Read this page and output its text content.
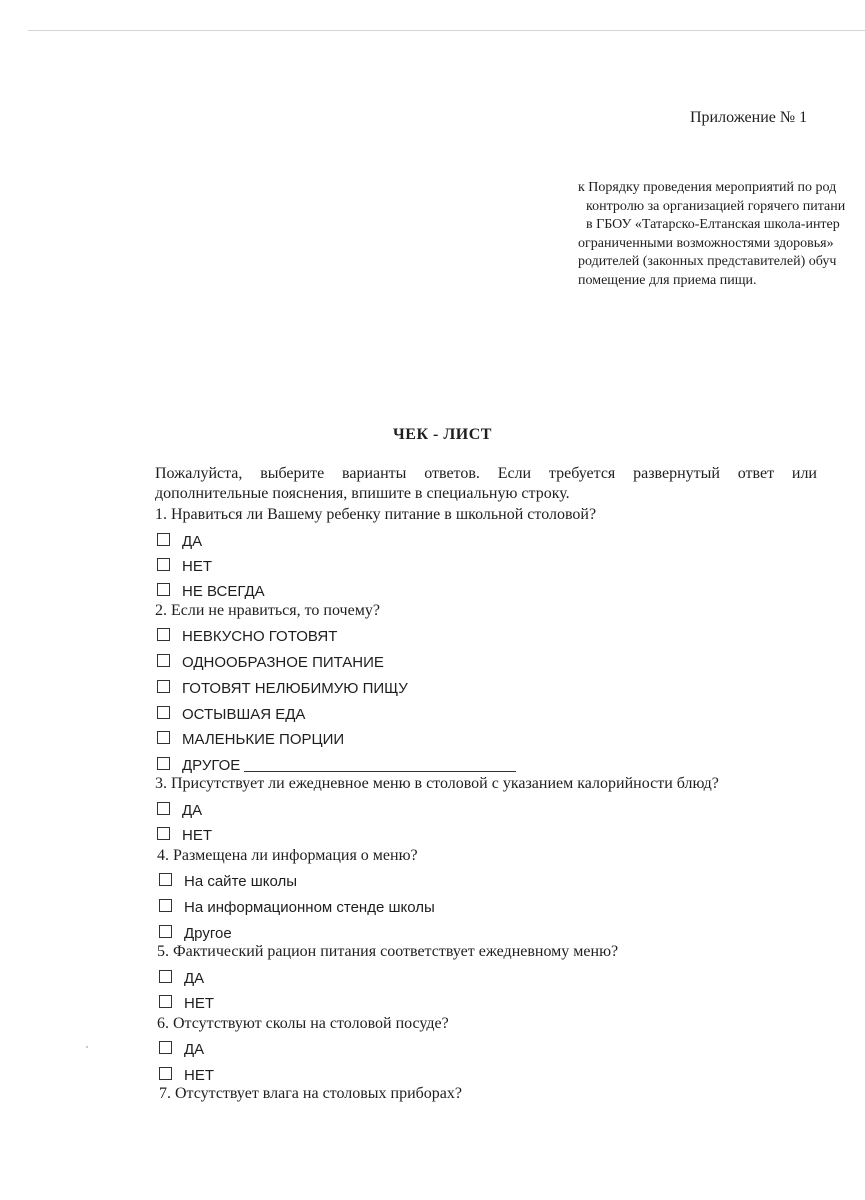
Приложение № 1
к Порядку проведения мероприятий по род
контролю за организацией горячего питани
в ГБОУ «Татарско-Елтанская школа-интер
ограниченными возможностями здоровья»
родителей (законных представителей) обуч
помещение для приема пищи.
ЧЕК - ЛИСТ
Пожалуйста, выберите варианты ответов. Если требуется развернутый ответ или
дополнительные пояснения, впишите в специальную строку.
1. Нравиться ли Вашему ребенку питание в школьной столовой?
ДА
НЕТ
НЕ ВСЕГДА
2. Если не нравиться, то почему?
НЕВКУСНО ГОТОВЯТ
ОДНООБРАЗНОЕ ПИТАНИЕ
ГОТОВЯТ НЕЛЮБИМУЮ ПИЩУ
ОСТЫВШАЯ ЕДА
МАЛЕНЬКИЕ ПОРЦИИ
ДРУГОЕ
3. Присутствует ли ежедневное меню в столовой с указанием калорийности блюд?
ДА
НЕТ
4. Размещена ли информация о меню?
На сайте школы
На информационном стенде школы
Другое
5. Фактический рацион питания соответствует ежедневному меню?
ДА
НЕТ
6. Отсутствуют сколы на столовой посуде?
ДА
НЕТ
7. Отсутствует влага на столовых приборах?
